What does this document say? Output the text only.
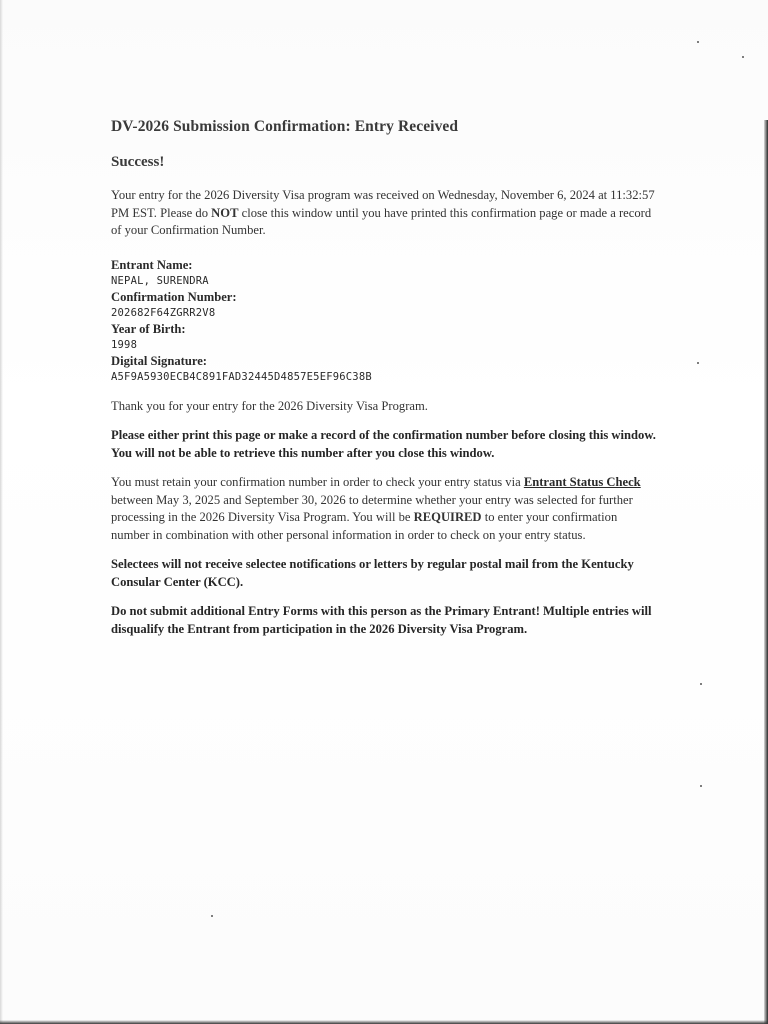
DV-2026 Submission Confirmation: Entry Received
Success!

Your entry for the 2026 Diversity Visa program was received on Wednesday, November 6, 2024 at 11:32:57 PM EST. Please do NOT close this window until you have printed this confirmation page or made a record of your Confirmation Number.

Entrant Name:
NEPAL, SURENDRA
Confirmation Number:
202682F64ZGRR2V8
Year of Birth:
1998
Digital Signature:
A5F9A5930ECB4C891FAD32445D4857E5EF96C38B

Thank you for your entry for the 2026 Diversity Visa Program.

Please either print this page or make a record of the confirmation number before closing this window. You will not be able to retrieve this number after you close this window.

You must retain your confirmation number in order to check your entry status via Entrant Status Check between May 3, 2025 and September 30, 2026 to determine whether your entry was selected for further processing in the 2026 Diversity Visa Program. You will be REQUIRED to enter your confirmation number in combination with other personal information in order to check on your entry status.

Selectees will not receive selectee notifications or letters by regular postal mail from the Kentucky Consular Center (KCC).

Do not submit additional Entry Forms with this person as the Primary Entrant! Multiple entries will disqualify the Entrant from participation in the 2026 Diversity Visa Program.
